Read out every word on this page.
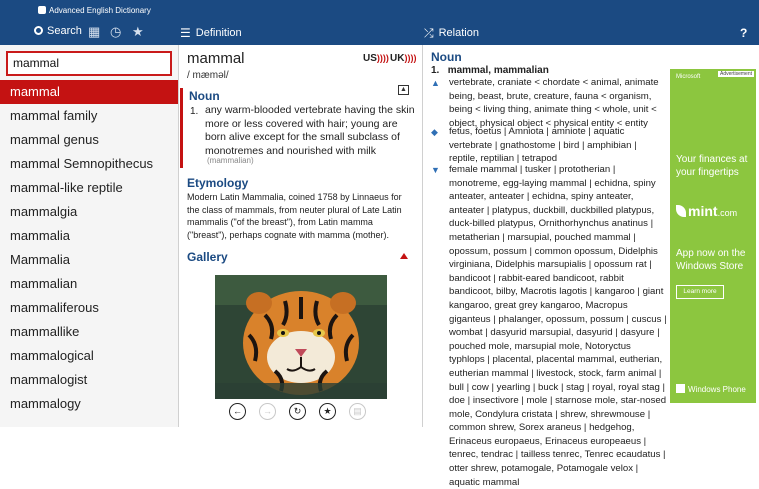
Advanced English Dictionary
Search ▦ ◷ ★	☰ Definition	⤮ Relation	?
mammal
mammal
mammal family
mammal genus
mammal Semnopithecus
mammal-like reptile
mammalgia
mammalia
Mammalia
mammalian
mammaliferous
mammallike
mammalogical
mammalogist
mammalogy
mammal
/ mæməl/
US)))) UK))))
▲
Noun
1. any warm-blooded vertebrate having the skin more or less covered with hair; young are born alive except for the small subclass of monotremes and nourished with milk
(mammalian)
Etymology
Modern Latin Mammalia, coined 1758 by Linnaeus for the class of mammals, from neuter plural of Late Latin mammalis ("of the breast"), from Latin mamma ("breast"), perhaps cognate with mamma (mother).
Gallery
←	→	↻	★	▤
Noun
1. mammal, mammalian
▲ vertebrate, craniate < chordate < animal, animate being, beast, brute, creature, fauna < organism, being < living thing, animate thing < whole, unit < object, physical object < physical entity < entity
◆ fetus, foetus | Amniota | amniote | aquatic vertebrate | gnathostome | bird | amphibian | reptile, reptilian | tetrapod
▼ female mammal | tusker | prototherian | monotreme, egg-laying mammal | echidna, spiny anteater, anteater | echidna, spiny anteater, anteater | platypus, duckbill, duckbilled platypus, duck-billed platypus, Ornithorhynchus anatinus | metatherian | marsupial, pouched mammal | opossum, possum | common opossum, Didelphis virginiana, Didelphis marsupialis | opossum rat | bandicoot | rabbit-eared bandicoot, rabbit bandicoot, bilby, Macrotis lagotis | kangaroo | giant kangaroo, great grey kangaroo, Macropus giganteus | phalanger, opossum, possum | cuscus | wombat | dasyurid marsupial, dasyurid | dasyure | pouched mole, marsupial mole, Notoryctus typhlops | placental, placental mammal, eutherian, eutherian mammal | livestock, stock, farm animal | bull | cow | yearling | buck | stag | royal, royal stag | doe | insectivore | mole | starnose mole, star-nosed mole, Condylura cristata | shrew, shrewmouse | common shrew, Sorex araneus | hedgehog, Erinaceus europaeus, Erinaceus europeaeus | tenrec, tendrac | tailless tenrec, Tenrec ecaudatus | otter shrew, potamogale, Potamogale velox | aquatic mammal
Microsoft	Advertisement
Your finances at your fingertips
mint.com
App now on the Windows Store
Learn more
Windows Phone
